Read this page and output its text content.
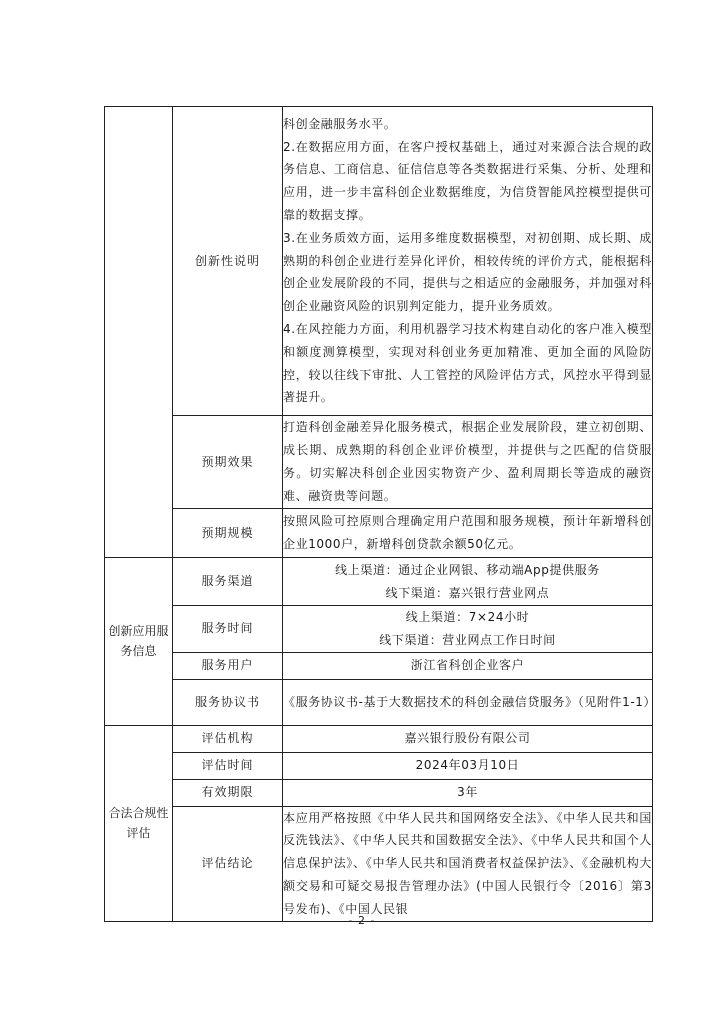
	创新性说明	科创金融服务水平。
2.在数据应用方面，在客户授权基础上，通过对来源合法合规的政务信息、工商信息、征信信息等各类数据进行采集、分析、处理和应用，进一步丰富科创企业数据维度，为信贷智能风控模型提供可靠的数据支撑。
3.在业务质效方面，运用多维度数据模型，对初创期、成长期、成熟期的科创企业进行差异化评价，相较传统的评价方式，能根据科创企业发展阶段的不同，提供与之相适应的金融服务，并加强对科创企业融资风险的识别判定能力，提升业务质效。
4.在风控能力方面，利用机器学习技术构建自动化的客户准入模型和额度测算模型，实现对科创业务更加精准、更加全面的风险防控，较以往线下审批、人工管控的风险评估方式，风控水平得到显著提升。

	预期效果	打造科创金融差异化服务模式，根据企业发展阶段，建立初创期、成长期、成熟期的科创企业评价模型，并提供与之匹配的信贷服务。切实解决科创企业因实物资产少、盈利周期长等造成的融资难、融资贵等问题。
	预期规模	按照风险可控原则合理确定用户范围和服务规模，预计年新增科创企业1000户，新增科创贷款余额50亿元。
创新应用服务信息	服务渠道	线上渠道：通过企业网银、移动端App提供服务
线下渠道：嘉兴银行营业网点

	服务时间	线上渠道：7×24小时
线下渠道：营业网点工作日时间

	服务用户	浙江省科创企业客户
	服务协议书	《服务协议书-基于大数据技术的科创金融信贷服务》（见附件1-1）
合法合规性评估	评估机构	嘉兴银行股份有限公司
	评估时间	2024年03月10日
	有效期限	3年
	评估结论	本应用严格按照《中华人民共和国网络安全法》、《中华人民共和国反洗钱法》、《中华人民共和国数据安全法》、《中华人民共和国个人信息保护法》、《中华人民共和国消费者权益保护法》、《金融机构大额交易和可疑交易报告管理办法》(中国人民银行令〔2016〕第3号发布)、《中国人民银
- 2 -
